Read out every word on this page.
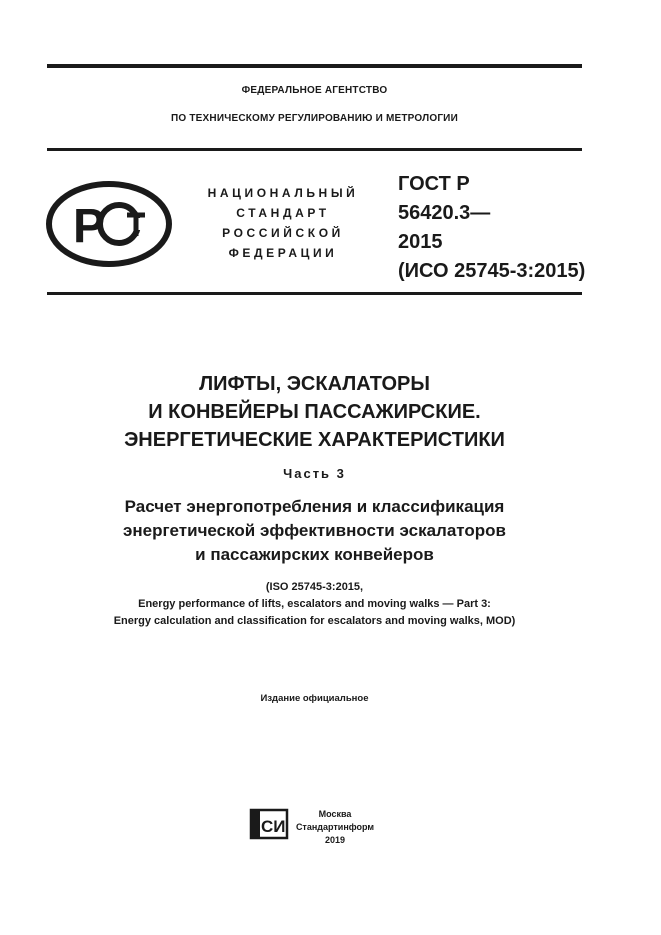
ФЕДЕРАЛЬНОЕ АГЕНТСТВО
ПО ТЕХНИЧЕСКОМУ РЕГУЛИРОВАНИЮ И МЕТРОЛОГИИ
Р
НАЦИОНАЛЬНЫЙ
СТАНДАРТ
РОССИЙСКОЙ
ФЕДЕРАЦИИ
ГОСТ Р
56420.3—
2015
(ИСО 25745-3:2015)
ЛИФТЫ, ЭСКАЛАТОРЫ
И КОНВЕЙЕРЫ ПАССАЖИРСКИЕ.
ЭНЕРГЕТИЧЕСКИЕ ХАРАКТЕРИСТИКИ
Часть 3
Расчет энергопотребления и классификация
энергетической эффективности эскалаторов
и пассажирских конвейеров
(ISO 25745-3:2015,
Energy performance of lifts, escalators and moving walks — Part 3:
Energy calculation and classification for escalators and moving walks, MOD)
Издание официальное
СИ
Москва
Стандартинформ
2019
